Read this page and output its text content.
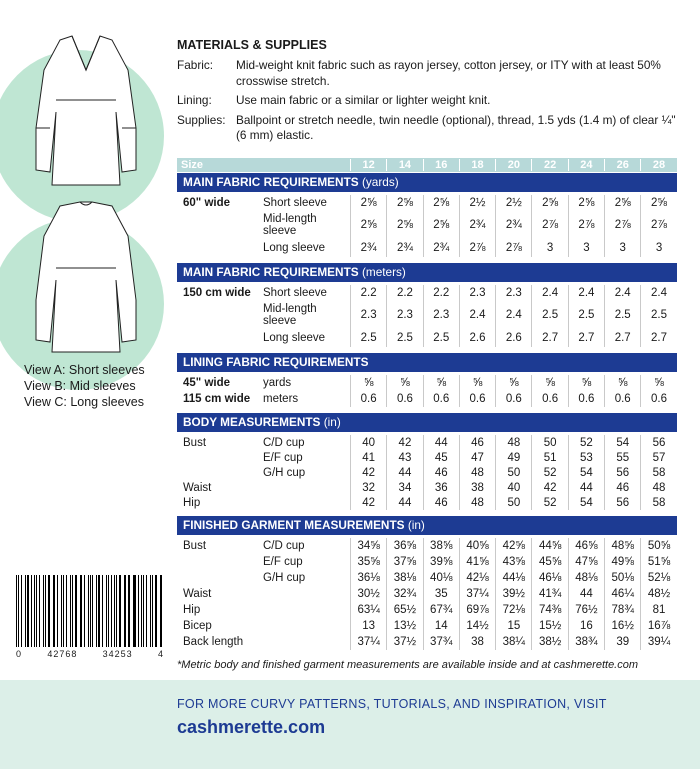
View A: Short sleeves
View B: Mid sleeves
View C: Long sleeves
0	42768	34253	4
MATERIALS & SUPPLIES
Fabric:	Mid-weight knit fabric such as rayon jersey, cotton jersey, or ITY with at least 50% crosswise stretch.
Lining:	Use main fabric or a similar or lighter weight knit.
Supplies: Ballpoint or stretch needle, twin needle (optional), thread, 1.5 yds (1.4 m) of clear ¼" (6 mm) elastic.
Size	12	14	16	18	20	22	24	26	28
MAIN FABRIC REQUIREMENTS (yards)
60" wide	Short sleeve	2⅝	2⅝	2⅝	2½	2½	2⅝	2⅝	2⅝	2⅝
Mid-length sleeve	2⅝	2⅝	2⅝	2¾	2¾	2⅞	2⅞	2⅞	2⅞
Long sleeve	2¾	2¾	2¾	2⅞	2⅞	3	3	3	3
MAIN FABRIC REQUIREMENTS (meters)
150 cm wide	Short sleeve	2.2	2.2	2.2	2.3	2.3	2.4	2.4	2.4	2.4
Mid-length sleeve	2.3	2.3	2.3	2.4	2.4	2.5	2.5	2.5	2.5
Long sleeve	2.5	2.5	2.5	2.6	2.6	2.7	2.7	2.7	2.7
LINING FABRIC REQUIREMENTS
45" wide	yards	⅝	⅝	⅝	⅝	⅝	⅝	⅝	⅝	⅝
115 cm wide	meters	0.6	0.6	0.6	0.6	0.6	0.6	0.6	0.6	0.6
BODY MEASUREMENTS (in)
Bust	C/D cup	40	42	44	46	48	50	52	54	56
E/F cup	41	43	45	47	49	51	53	55	57
G/H cup	42	44	46	48	50	52	54	56	58
Waist	32	34	36	38	40	42	44	46	48
Hip	42	44	46	48	50	52	54	56	58
FINISHED GARMENT MEASUREMENTS (in)
Bust	C/D cup	34⅝	36⅝	38⅝	40⅝	42⅝	44⅝	46⅝	48⅝	50⅝
E/F cup	35⅝	37⅝	39⅝	41⅝	43⅝	45⅝	47⅝	49⅝	51⅝
G/H cup	36⅛	38⅛	40⅛	42⅛	44⅛	46⅛	48⅛	50⅛	52⅛
Waist	30½	32¾	35	37¼	39½	41¾	44	46¼	48½
Hip	63¼	65½	67¾	69⅞	72⅛	74⅜	76½	78¾	81
Bicep	13	13½	14	14½	15	15½	16	16½	16⅞
Back length	37¼	37½	37¾	38	38¼	38½	38¾	39	39¼
*Metric body and finished garment measurements are available inside and at cashmerette.com
FOR MORE CURVY PATTERNS, TUTORIALS, AND INSPIRATION, VISIT
cashmerette.com
